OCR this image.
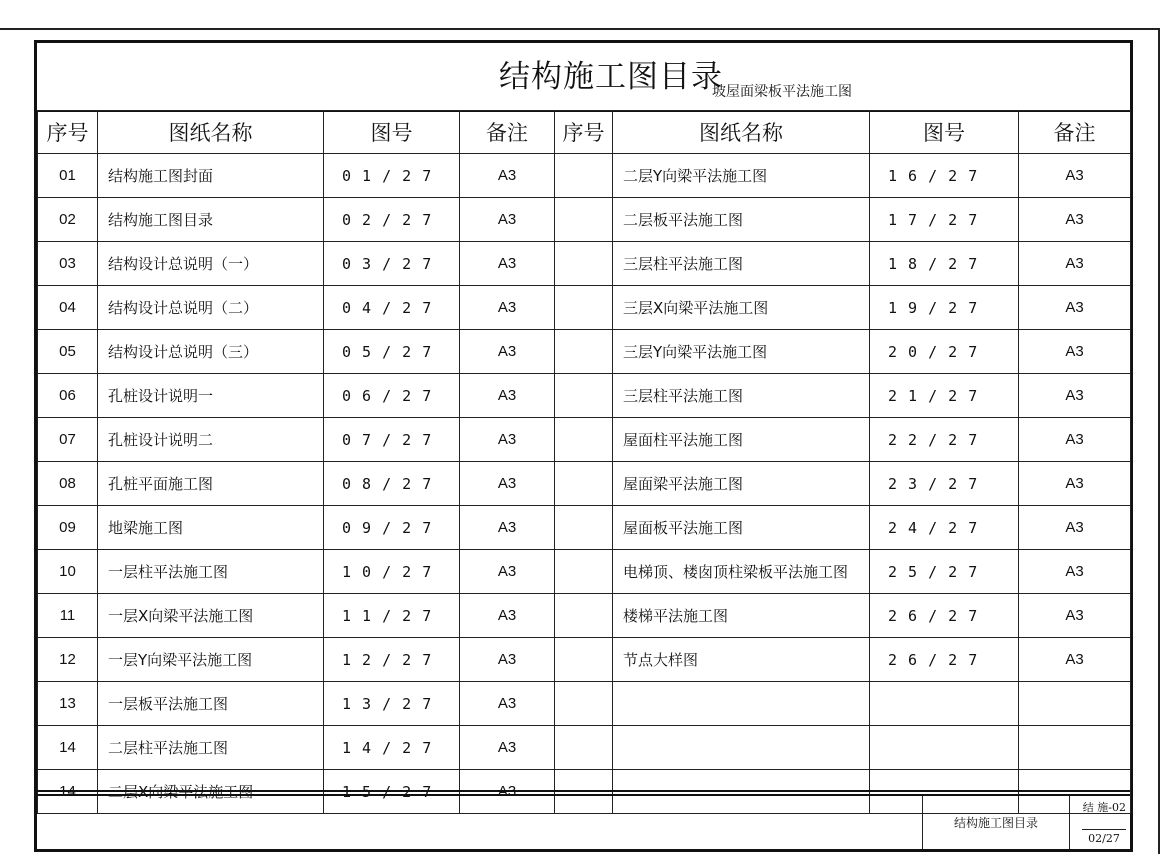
结构施工图目录
坡屋面梁板平法施工图
序号	图纸名称	图号	备注	序号	图纸名称	图号	备注
01	结构施工图封面	0 1 / 2 7	A3		二层Y向梁平法施工图	1 6 / 2 7	A3
02	结构施工图目录	0 2 / 2 7	A3		二层板平法施工图	1 7 / 2 7	A3
03	结构设计总说明（一）	0 3 / 2 7	A3		三层柱平法施工图	1 8 / 2 7	A3
04	结构设计总说明（二）	0 4 / 2 7	A3		三层X向梁平法施工图	1 9 / 2 7	A3
05	结构设计总说明（三）	0 5 / 2 7	A3		三层Y向梁平法施工图	2 0 / 2 7	A3
06	孔桩设计说明一	0 6 / 2 7	A3		三层柱平法施工图	2 1 / 2 7	A3
07	孔桩设计说明二	0 7 / 2 7	A3		屋面柱平法施工图	2 2 / 2 7	A3
08	孔桩平面施工图	0 8 / 2 7	A3		屋面梁平法施工图	2 3 / 2 7	A3
09	地梁施工图	0 9 / 2 7	A3		屋面板平法施工图	2 4 / 2 7	A3
10	一层柱平法施工图	1 0 / 2 7	A3		电梯顶、楼囱顶柱梁板平法施工图	2 5 / 2 7	A3
11	一层X向梁平法施工图	1 1 / 2 7	A3		楼梯平法施工图	2 6 / 2 7	A3
12	一层Y向梁平法施工图	1 2 / 2 7	A3		节点大样图	2 6 / 2 7	A3
13	一层板平法施工图	1 3 / 2 7	A3				
14	二层柱平法施工图	1 4 / 2 7	A3				
14	二层X向梁平法施工图	1 5 / 2 7	A3				
结构施工图目录
结 施-02
02/27
